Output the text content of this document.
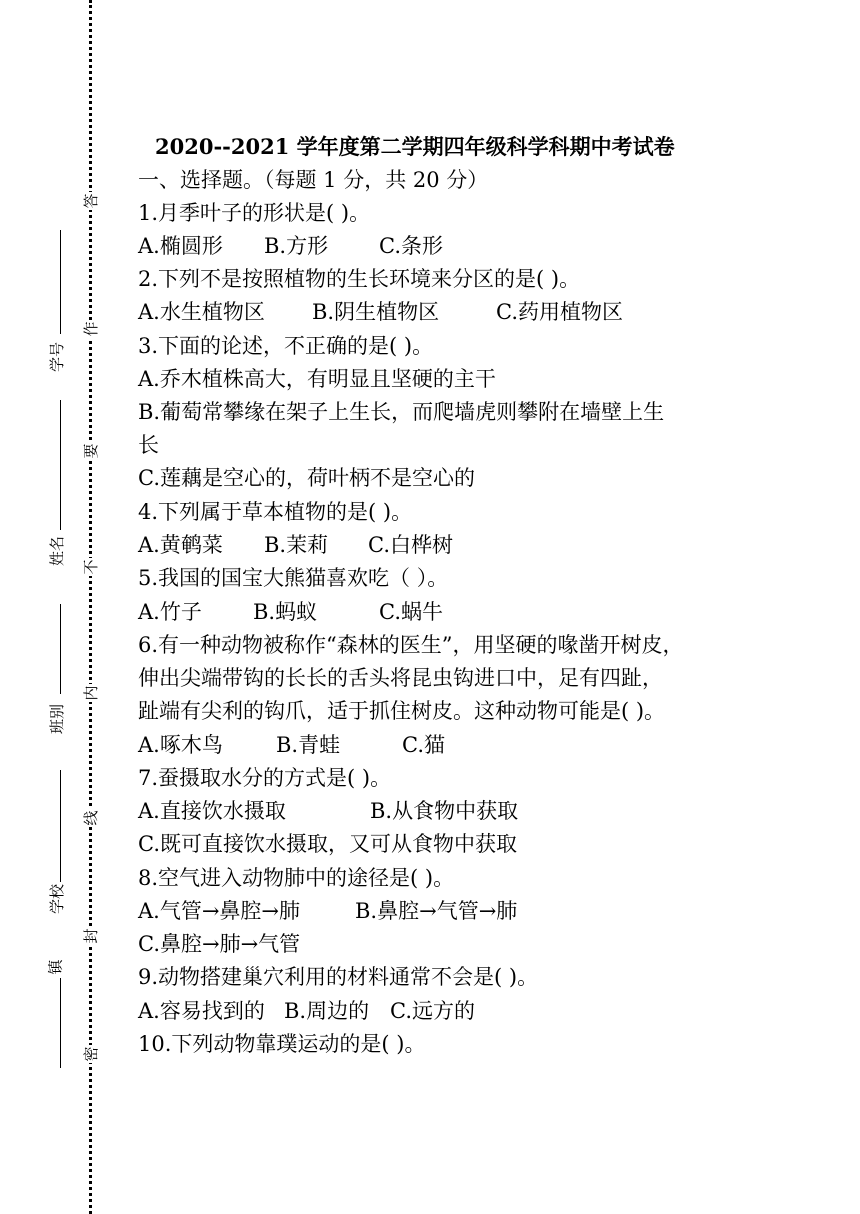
答
作
要
不
内
线
封
密
学号
姓名
班别
学校
镇
2020--2021 学年度第二学期四年级科学科期中考试卷
一、选择题。（每题 1 分，共 20 分）
1.月季叶子的形状是( )。
A.椭圆形 B.方形 C.条形
2.下列不是按照植物的生长环境来分区的是( )。
A.水生植物区 B.阴生植物区	C.药用植物区
3.下面的论述，不正确的是( )。
A.乔木植株高大，有明显且坚硬的主干
B.葡萄常攀缘在架子上生长，而爬墙虎则攀附在墙壁上生
长
C.莲藕是空心的，荷叶柄不是空心的
4.下列属于草本植物的是( )。
A.黄鹌菜 B.茉莉 C.白桦树
5.我国的国宝大熊猫喜欢吃（ ）。
A.竹子 B.蚂蚁	C.蜗牛
6.有一种动物被称作“森林的医生”，用坚硬的喙凿开树皮，
伸出尖端带钩的长长的舌头将昆虫钩进口中，足有四趾，
趾端有尖利的钩爪，适于抓住树皮。这种动物可能是( )。
A.啄木鸟	B.青蛙	C.猫
7.蚕摄取水分的方式是( )。
A.直接饮水摄取	B.从食物中获取
C.既可直接饮水摄取，又可从食物中获取
8.空气进入动物肺中的途径是( )。
A.气管→鼻腔→肺	B.鼻腔→气管→肺
C.鼻腔→肺→气管
9.动物搭建巢穴利用的材料通常不会是( )。
A.容易找到的 B.周边的 C.远方的
10.下列动物靠璞运动的是( )。
